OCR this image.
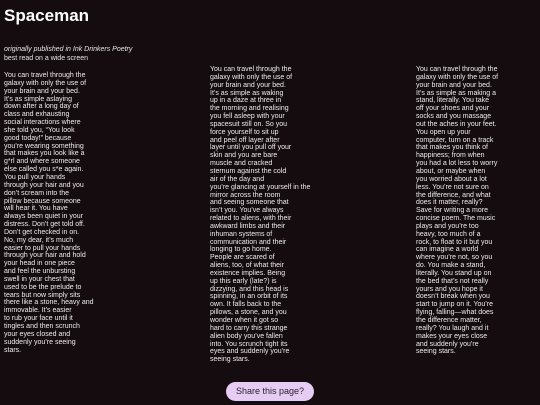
Spaceman

originally published in Ink Drinkers Poetry

best read on a wide screen

You can travel through the
galaxy with only the use of
your brain and your bed.
It’s as simple asl​aying
down after a long day of
class and exhausting
social interactions where
she told you, “You look
good today!” because
you’re wearing something
that makes you look like a
g*rl and where someone
else called you s*e again.
You pull your hands
through your hair and you
don’t scream into the
pillow because someone
will hear it. You have
always been quiet in your
distress. Don’t get told off.
Don’t get checked in on.
No, my dear, it’s much
easier to pull your hands
through your hair and hold
your head in one piece
and feel the unbursting
swell in your chest that
used to be the prelude to
tears but now simply sits
there like a stone, heavy and
immovable. It’s easier
to rub your face until it
tingles and then scrunch
your eyes closed and
suddenly you’re seeing
stars.
You can travel through the
galaxy with only the use of
your brain and your bed.
It’s as simple as waking
up in a daze at three in
the morning and realising
you fell asleep with your
spacesuit still on. So you
force yourself to sit up
and peel off layer after
layer until you pull off your
skin and you are bare
muscle and cracked
sternum against the cold
air of the day and
you’re glancing at yourself in the
mirror across the room
and seeing someone that
isn’t you. You’ve always
related to aliens, with their
awkward limbs and their
inhuman systems of
communication and their
longing to go home.
People are scared of
aliens, too, of what their
existence implies. Being
up this early (late?) is
dizzying, and this head is
spinning, in an orbit of its
own. It falls back to the
pillows, a stone, and you
wonder when it got so
hard to carry this strange
alien body you’ve fallen
into. You scrunch tight its
eyes and suddenly you’re
seeing stars.
You can travel through the
galaxy with only the use of
your brain and your bed.
It’s as simple as making a
stand, literally. You take
off your shoes and your
socks and you massage
out the aches in your feet.
You open up your
computer, turn on a track
that makes you think of
happiness; from when
you had a lot less to worry
about, or maybe when
you worried about a lot
less. You’re not sure on
the difference, and what
does it matter, really?
Save for writing a more
concise poem. The music
plays and you’re too
heavy, too much of a
rock, to float to it but you
can imagine a world
where you’re not, so you
do. You make a stand,
literally. You stand up on
the bed that’s not really
yours and you hope it
doesn’t break when you
start to jump on it. You’re
flying, falling—what does
the difference matter,
really? You laugh and it
makes your eyes close
and suddenly you’re
seeing stars.
Share this page?
